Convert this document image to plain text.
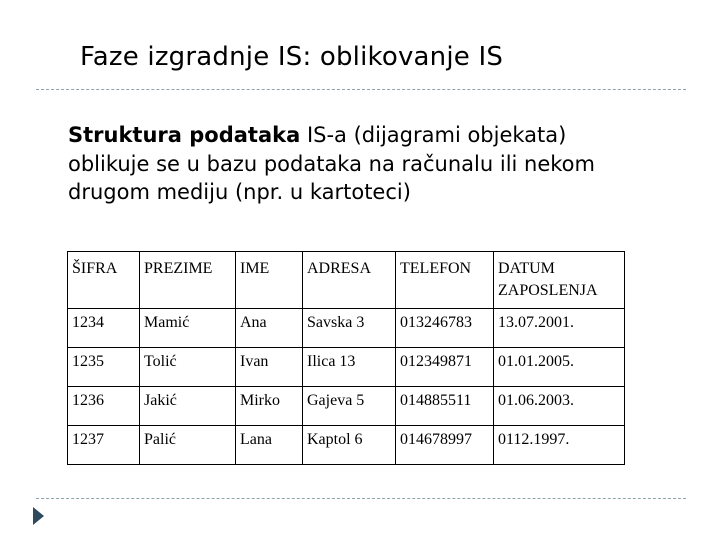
Faze izgradnje IS: oblikovanje IS

Struktura podataka IS-a (dijagrami objekata) oblikuje se u bazu podataka na računalu ili nekom drugom mediju (npr. u kartoteci)

ŠIFRA	PREZIME	IME	ADRESA	TELEFON	DATUM ZAPOSLENJA
1234	Mamić	Ana	Savska 3	013246783	13.07.2001.
1235	Tolić	Ivan	Ilica 13	012349871	01.01.2005.
1236	Jakić	Mirko	Gajeva 5	014885511	01.06.2003.
1237	Palić	Lana	Kaptol 6	014678997	0112.1997.
